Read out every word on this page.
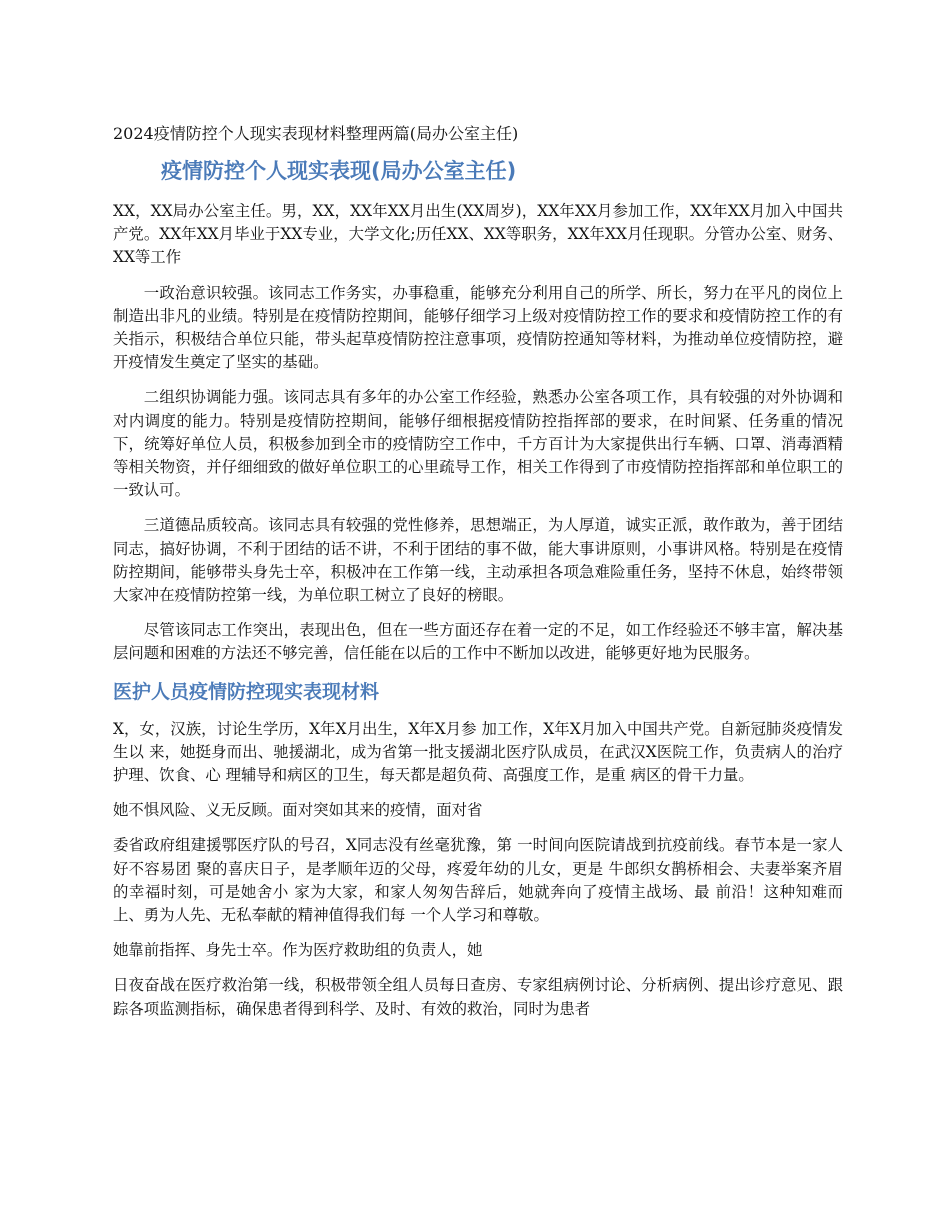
2024疫情防控个人现实表现材料整理两篇(局办公室主任)
疫情防控个人现实表现(局办公室主任)

XX，XX局办公室主任。男，XX，XX年XX月出生(XX周岁)，XX年XX月参加工作，XX年XX月加入中国共产党。XX年XX月毕业于XX专业，大学文化;历任XX、XX等职务，XX年XX月任现职。分管办公室、财务、XX等工作

一政治意识较强。该同志工作务实，办事稳重，能够充分利用自己的所学、所长，努力在平凡的岗位上制造出非凡的业绩。特别是在疫情防控期间，能够仔细学习上级对疫情防控工作的要求和疫情防控工作的有关指示，积极结合单位只能，带头起草疫情防控注意事项，疫情防控通知等材料，为推动单位疫情防控，避开疫情发生奠定了坚实的基础。

二组织协调能力强。该同志具有多年的办公室工作经验，熟悉办公室各项工作，具有较强的对外协调和对内调度的能力。特别是疫情防控期间，能够仔细根据疫情防控指挥部的要求，在时间紧、任务重的情况下，统筹好单位人员，积极参加到全市的疫情防空工作中，千方百计为大家提供出行车辆、口罩、消毒酒精等相关物资，并仔细细致的做好单位职工的心里疏导工作，相关工作得到了市疫情防控指挥部和单位职工的一致认可。

三道德品质较高。该同志具有较强的党性修养，思想端正，为人厚道，诚实正派，敢作敢为，善于团结同志，搞好协调，不利于团结的话不讲，不利于团结的事不做，能大事讲原则，小事讲风格。特别是在疫情防控期间，能够带头身先士卒，积极冲在工作第一线，主动承担各项急难险重任务，坚持不休息，始终带领大家冲在疫情防控第一线，为单位职工树立了良好的榜眼。

尽管该同志工作突出，表现出色，但在一些方面还存在着一定的不足，如工作经验还不够丰富，解决基层问题和困难的方法还不够完善，信任能在以后的工作中不断加以改进，能够更好地为民服务。

医护人员疫情防控现实表现材料

X，女，汉族，讨论生学历，X年X月出生，X年X月参 加工作，X年X月加入中国共产党。自新冠肺炎疫情发生以 来，她挺身而出、驰援湖北，成为省第一批支援湖北医疗队成员，在武汉X医院工作，负责病人的治疗护理、饮食、心 理辅导和病区的卫生，每天都是超负荷、高强度工作，是重 病区的骨干力量。

她不惧风险、义无反顾。面对突如其来的疫情，面对省

委省政府组建援鄂医疗队的号召，X同志没有丝毫犹豫，第 一时间向医院请战到抗疫前线。春节本是一家人好不容易团 聚的喜庆日子，是孝顺年迈的父母，疼爱年幼的儿女，更是 牛郎织女鹊桥相会、夫妻举案齐眉的幸福时刻，可是她舍小 家为大家，和家人匆匆告辞后，她就奔向了疫情主战场、最 前沿！这种知难而上、勇为人先、无私奉献的精神值得我们每 一个人学习和尊敬。

她靠前指挥、身先士卒。作为医疗救助组的负责人，她

日夜奋战在医疗救治第一线，积极带领全组人员每日查房、专家组病例讨论、分析病例、提出诊疗意见、跟踪各项监测指标，确保患者得到科学、及时、有效的救治，同时为患者
